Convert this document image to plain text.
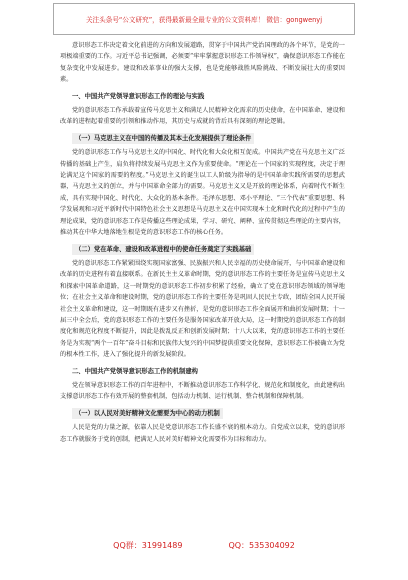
关注头条号“公文研究”，获得最新最全最专业的公文资料库！ 微信：gongwenyj

意识形态工作决定着文化前进的方向和发展道路，贯穿于中国共产党治国理政的各个环节，是党的一项极端重要的工作。习近平总书记强调，必须要“牢牢掌握意识形态工作领导权”，确保意识形态工作能在复杂变化中发展进步。建设和改革事业的强大支撑，也是党能够战胜风险挑战、不断发展壮大的重要因素。

一、中国共产党领导意识形态工作的理论与实践

党的意识形态工作承载着宣传马克思主义和满足人民精神文化需求的历史使命，在中国革命、建设和改革的进程起着重要的引领和推动作用，其历史与成就的背后具有深刻的理论逻辑。

（一）马克思主义在中国的传播及其本土化发展提供了理论条件

党的意识形态工作与马克思主义的中国化、时代化和大众化相互促成。中国共产党在马克思主义广泛传播的基础上产生，肩负将持续发展马克思主义作为重要使命。“理论在一个国家的实现程度，决定于理论满足这个国家的需要的程度。”马克思主义的诞生以工人阶级为指导的是中国革命实践所需要的思想武器，马克思主义的创立，并与中国革命全部力的需要。马克思主义又是开放的理论体系，向着时代不断生成，具有实现中国化、时代化、大众化的基本条件。毛泽东思想、邓小平理论、“三个代表”重要思想、科学发展观和习近平新时代中国特色社会主义思想是马克思主义在中国实现本土化和时代化的过程中产生的理论成果，党的意识形态工作是传播这些理论成果，学习、研究、阐释、宣传贯彻这些理论的主要内容，推动其在中华大地落地生根是党的意识形态工作的核心任务。

（二）党在革命、建设和改革进程中的使命任务奠定了实践基础

党的意识形态工作紧紧围绕实现国家富强、民族振兴和人民幸福的历史使命展开，与中国革命建设和改革的历史进程有着直接联系。在新民主主义革命时期，党的意识形态工作的主要任务是宣传马克思主义和探索中国革命道路，这一时期党的意识形态工作初步积累了经验，确立了党在意识形态领域的领导地位；在社会主义革命和建设时期，党的意识形态工作的主要任务是巩固人民民主专政，团结全国人民开展社会主义革命和建设，这一时期既有进步又有挫折，是党的意识形态工作全面展开和曲折发展时期；十一届三中全会后，党的意识形态工作的主要任务是服务国家改革开放大局，这一时期党的意识形态工作的制度化和规范化程度不断提升，因此是拨乱反正和创新发展时期；十八大以来，党的意识形态工作的主要任务是为实现“两个一百年”奋斗目标和民族伟大复兴的中国梦提供重要文化保障，意识形态工作被确立为党的根本性工作，进入了强化提升的新发展阶段。

二、中国共产党领导意识形态工作的机制建构

党在领导意识形态工作的百年进程中，不断推动意识形态工作科学化、规范化和制度化，由此建构出支撑意识形态工作有效开展的整套机制，包括动力机制、运行机制、整合机制和保障机制。

（一）以人民对美好精神文化需要为中心的动力机制

人民是党的力量之源，依靠人民是党意识形态工作长盛不衰的根本动力。自党成立以来，党的意识形态工作就服务于党的创制，把满足人民对美好精神文化需要作为目标和动力。

QQ群：31991489	QQ：535304092
